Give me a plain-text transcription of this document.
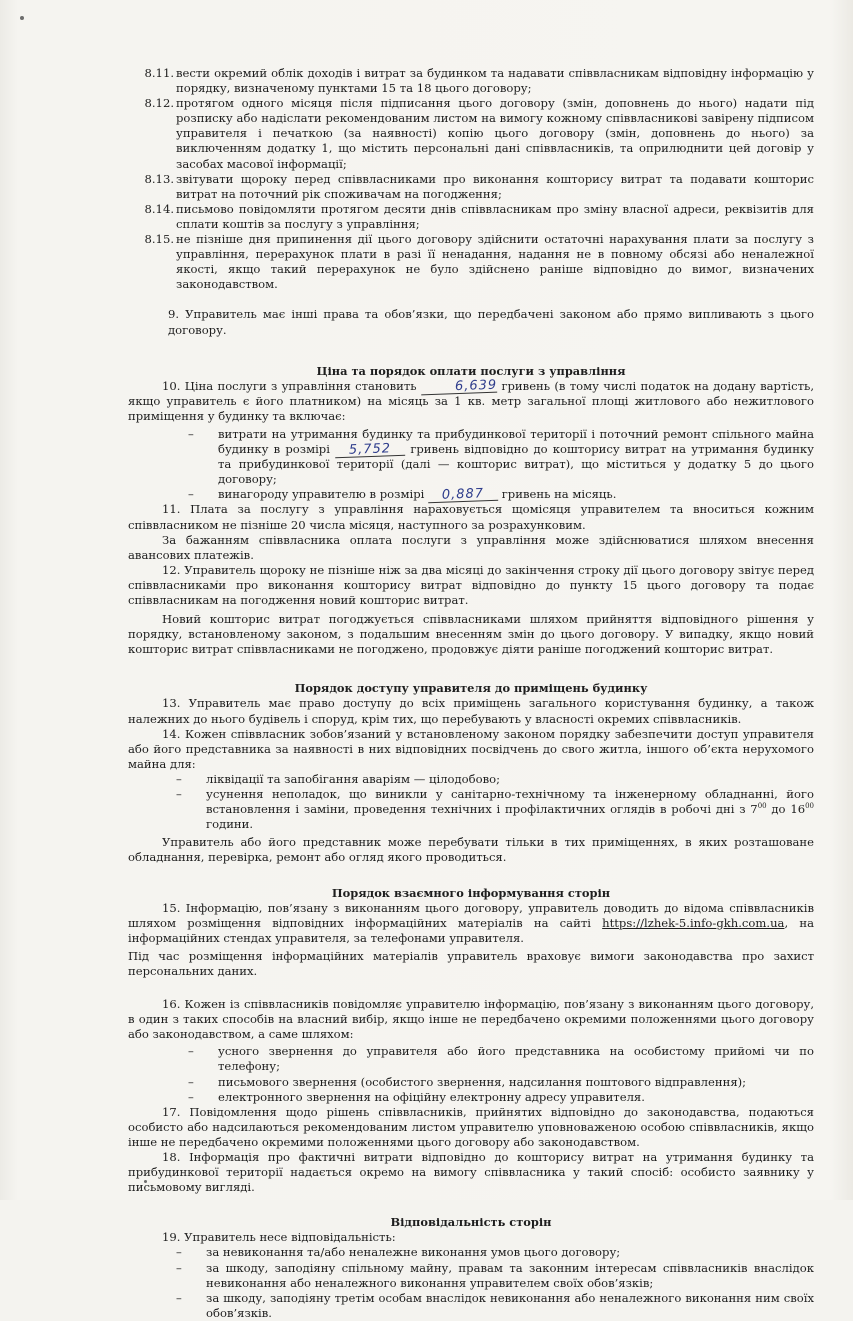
8.11. вести окремий облік доходів і витрат за будинком та надавати співвласникам відповідну інформацію у порядку, визначеному пунктами 15 та 18 цього договору;
8.12. протягом одного місяця після підписання цього договору (змін, доповнень до нього) надати під розписку або надіслати рекомендованим листом на вимогу кожному співвласникові завірену підписом управителя і печаткою (за наявності) копію цього договору (змін, доповнень до нього) за виключенням додатку 1, що містить персональні дані співвласників, та оприлюднити цей договір у засобах масової інформації;
8.13. звітувати щороку перед співвласниками про виконання кошторису витрат та подавати кошторис витрат на поточний рік споживачам на погодження;
8.14. письмово повідомляти протягом десяти днів співвласникам про зміну власної адреси, реквізитів для сплати коштів за послугу з управління;
8.15. не пізніше дня припинення дії цього договору здійснити остаточні нарахування плати за послугу з управління, перерахунок плати в разі її ненадання, надання не в повному обсязі або неналежної якості, якщо такий перерахунок не було здійснено раніше відповідно до вимог, визначених законодавством.

9. Управитель має інші права та обов’язки, що передбачені законом або прямо випливають з цього договору.

Ціна та порядок оплати послуги з управління

10. Ціна послуги з управління становить	6,639 гривень (в тому числі податок на додану вартість, якщо управитель є його платником) на місяць за 1 кв. метр загальної площі житлового або нежитлового приміщення у будинку та включає:

– витрати на утримання будинку та прибудинкової території і поточний ремонт спільного майна будинку в розмірі 5,752 гривень відповідно до кошторису витрат на утримання будинку та прибудинкової території (далі — кошторис витрат), що міститься у додатку 5 до цього договору;
– винагороду управителю в розмірі 0,887 гривень на місяць.

11. Плата за послугу з управління нараховується щомісяця управителем та вноситься кожним співвласником не пізніше 20 числа місяця, наступного за розрахунковим.

За бажанням співвласника оплата послуги з управління може здійснюватися шляхом внесення авансових платежів.

12. Управитель щороку не пізніше ніж за два місяці до закінчення строку дії цього договору звітує перед співвласниками про виконання кошторису витрат відповідно до пункту 15 цього договору та подає співвласникам на погодження новий кошторис витрат.

Новий кошторис витрат погоджується співвласниками шляхом прийняття відповідного рішення у порядку, встановленому законом, з подальшим внесенням змін до цього договору. У випадку, якщо новий кошторис витрат співвласниками не погоджено, продовжує діяти раніше погоджений кошторис витрат.

Порядок доступу управителя до приміщень будинку

13. Управитель має право доступу до всіх приміщень загального користування будинку, а також належних до нього будівель і споруд, крім тих, що перебувають у власності окремих співвласників.

14. Кожен співвласник зобов’язаний у встановленому законом порядку забезпечити доступ управителя або його представника за наявності в них відповідних посвідчень до свого житла, іншого об’єкта нерухомого майна для:

– ліквідації та запобігання аваріям — цілодобово;
– усунення неполадок, що виникли у санітарно-технічному та інженерному обладнанні, його встановлення і заміни, проведення технічних і профілактичних оглядів в робочі дні з $7^{00}$ до $16^{00}$ години.

Управитель або його представник може перебувати тільки в тих приміщеннях, в яких розташоване обладнання, перевірка, ремонт або огляд якого проводиться.

Порядок взаємного інформування сторін

15. Інформацію, пов’язану з виконанням цього договору, управитель доводить до відома співвласників шляхом розміщення відповідних інформаційних матеріалів на сайті https://lzhek-5.info-gkh.com.ua, на інформаційних стендах управителя, за телефонами управителя.

Під час розміщення інформаційних матеріалів управитель враховує вимоги законодавства про захист персональних даних.

16. Кожен із співвласників повідомляє управителю інформацію, пов’язану з виконанням цього договору, в один з таких способів на власний вибір, якщо інше не передбачено окремими положеннями цього договору або законодавством, а саме шляхом:

– усного звернення до управителя або його представника на особистому прийомі чи по телефону;
– письмового звернення (особистого звернення, надсилання поштового відправлення);
– електронного звернення на офіційну електронну адресу управителя.

17. Повідомлення щодо рішень співвласників, прийнятих відповідно до законодавства, подаються особисто або надсилаються рекомендованим листом управителю уповноваженою особою співвласників, якщо інше не передбачено окремими положеннями цього договору або законодавством.

18. Інформація про фактичні витрати відповідно до кошторису витрат на утримання будинку та прибудинкової території надається окремо на вимогу співвласника у такий спосіб: особисто заявнику у письмовому вигляді.

Відповідальність сторін

19. Управитель несе відповідальність:

– за невиконання та/або неналежне виконання умов цього договору;
– за шкоду, заподіяну спільному майну, правам та законним інтересам співвласників внаслідок невиконання або неналежного виконання управителем своїх обов’язків;
– за шкоду, заподіяну третім особам внаслідок невиконання або неналежного виконання ним своїх обов’язків.
